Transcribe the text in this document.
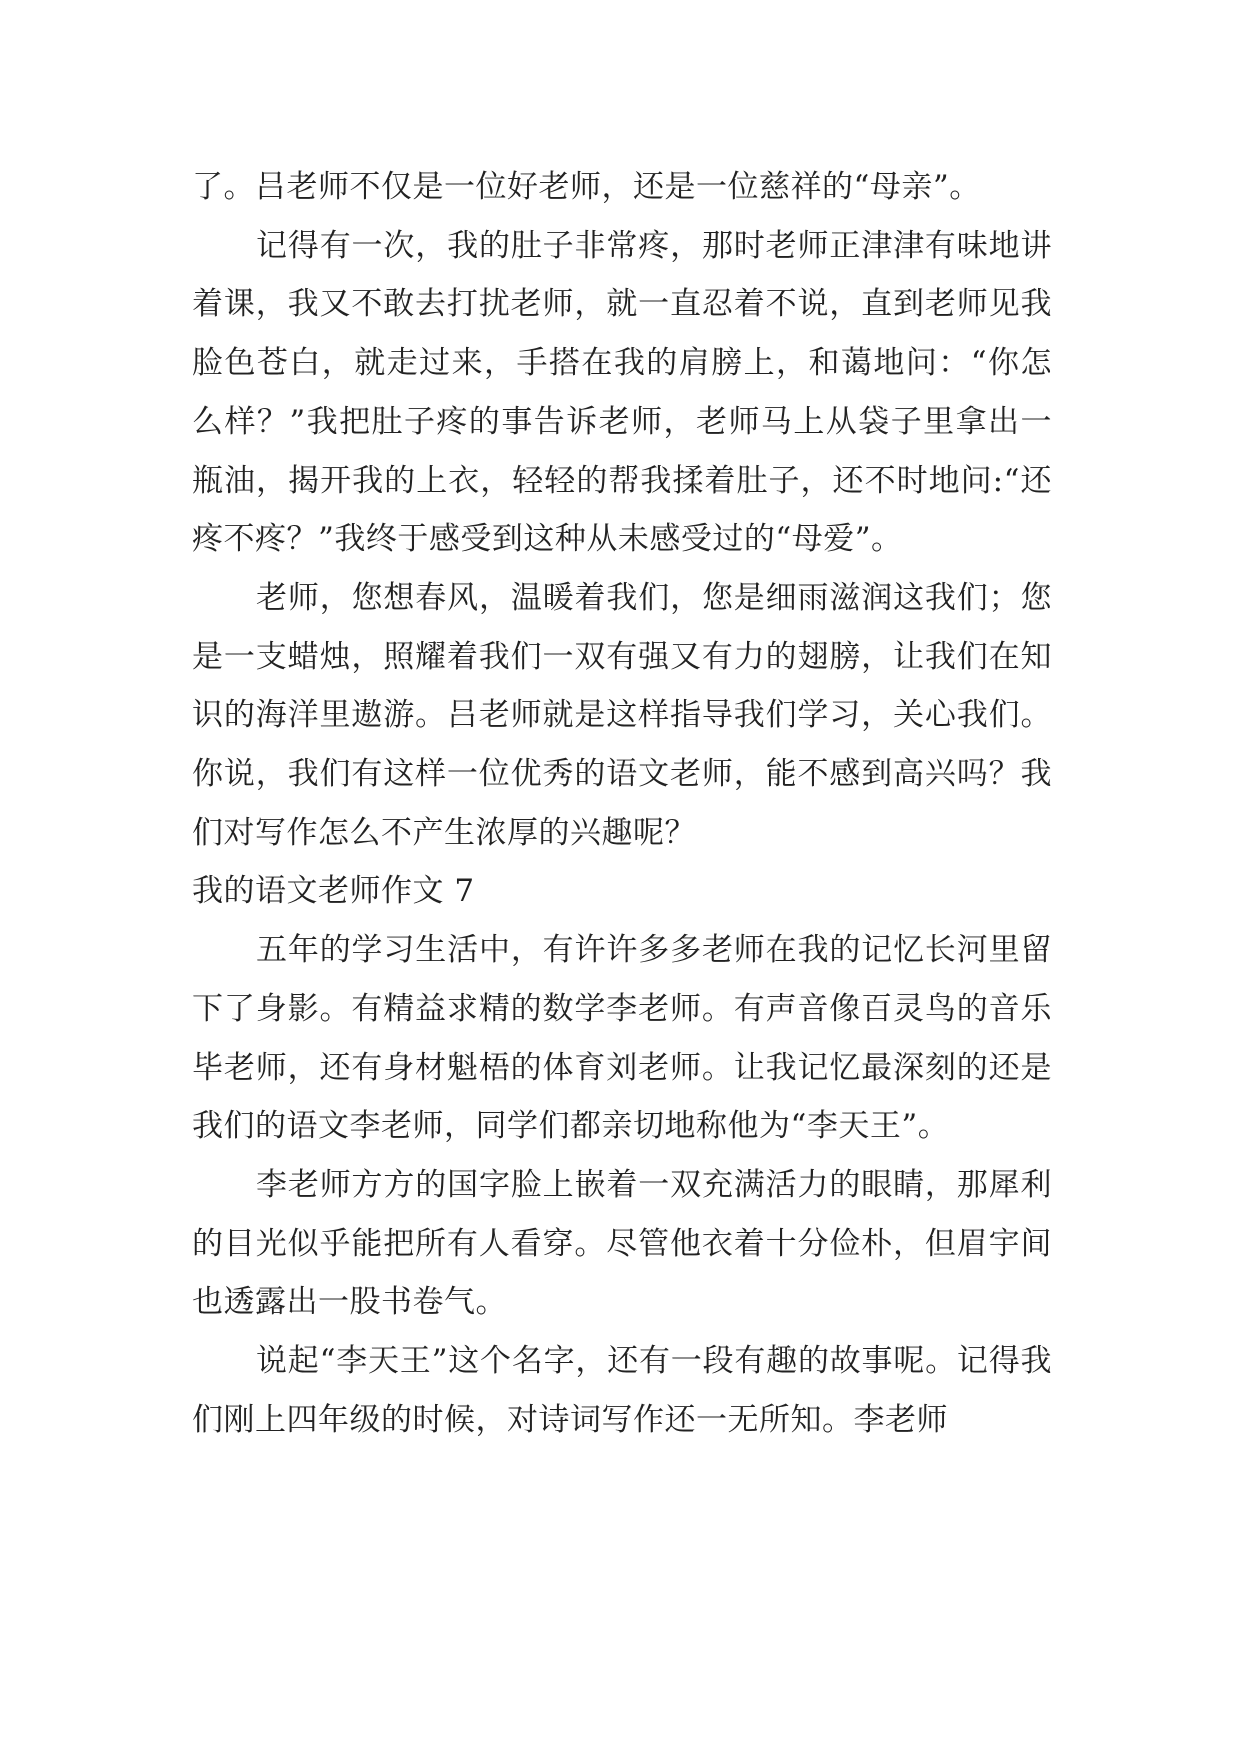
了。吕老师不仅是一位好老师，还是一位慈祥的“母亲”。

记得有一次，我的肚子非常疼，那时老师正津津有味地讲着课，我又不敢去打扰老师，就一直忍着不说，直到老师见我脸色苍白，就走过来，手搭在我的肩膀上，和蔼地问：“你怎么样？”我把肚子疼的事告诉老师，老师马上从袋子里拿出一瓶油，揭开我的上衣，轻轻的帮我揉着肚子，还不时地问:“还疼不疼？”我终于感受到这种从未感受过的“母爱”。

老师，您想春风，温暖着我们，您是细雨滋润这我们；您是一支蜡烛，照耀着我们一双有强又有力的翅膀，让我们在知识的海洋里遨游。吕老师就是这样指导我们学习，关心我们。你说，我们有这样一位优秀的语文老师，能不感到高兴吗？我们对写作怎么不产生浓厚的兴趣呢？

我的语文老师作文 7

五年的学习生活中，有许许多多老师在我的记忆长河里留下了身影。有精益求精的数学李老师。有声音像百灵鸟的音乐毕老师，还有身材魁梧的体育刘老师。让我记忆最深刻的还是我们的语文李老师，同学们都亲切地称他为“李天王”。

李老师方方的国字脸上嵌着一双充满活力的眼睛，那犀利的目光似乎能把所有人看穿。尽管他衣着十分俭朴，但眉宇间也透露出一股书卷气。

说起“李天王”这个名字，还有一段有趣的故事呢。记得我们刚上四年级的时候，对诗词写作还一无所知。李老师
